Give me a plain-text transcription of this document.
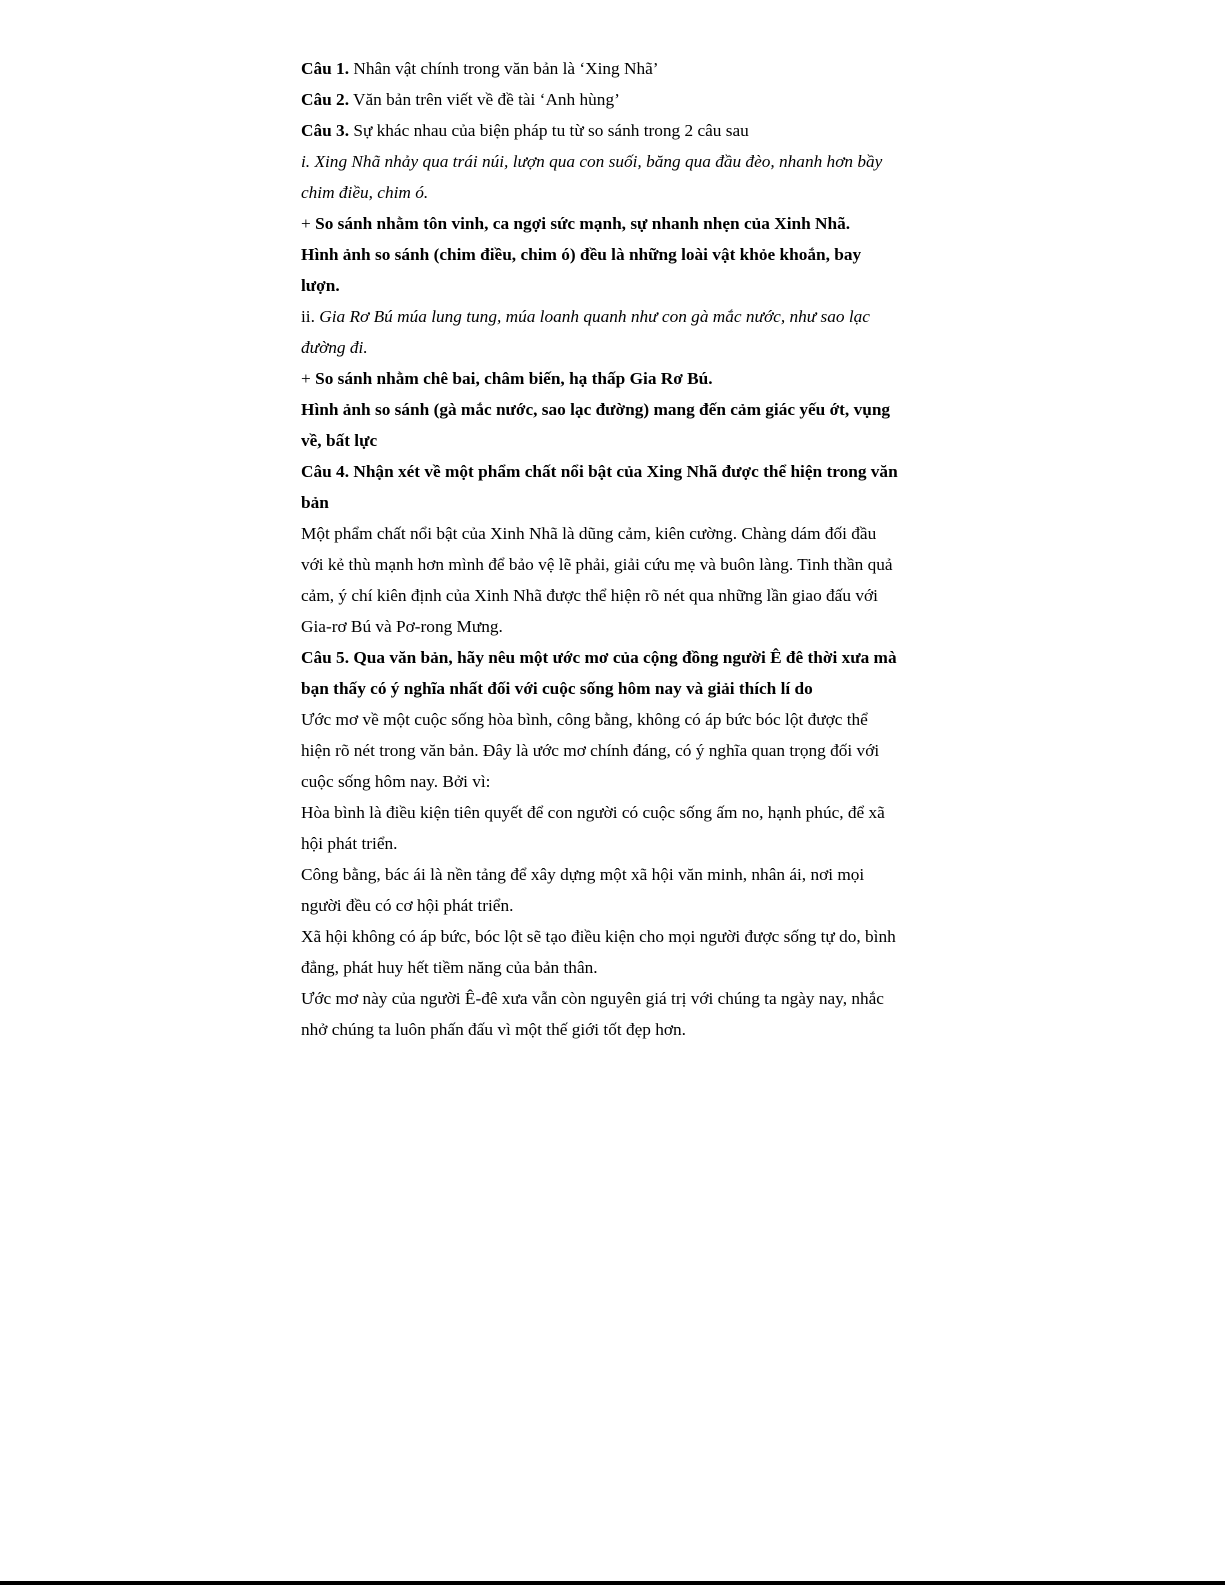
Câu 1. Nhân vật chính trong văn bản là ‘Xing Nhã’

Câu 2. Văn bản trên viết về đề tài ‘Anh hùng’

Câu 3. Sự khác nhau của biện pháp tu từ so sánh trong 2 câu sau

i. Xing Nhã nhảy qua trái núi, lượn qua con suối, băng qua đầu đèo, nhanh hơn bầy

chim điều, chim ó.

+ So sánh nhằm tôn vinh, ca ngợi sức mạnh, sự nhanh nhẹn của Xinh Nhã.

Hình ảnh so sánh (chim điều, chim ó) đều là những loài vật khỏe khoắn, bay

lượn.

ii. Gia Rơ Bú múa lung tung, múa loanh quanh như con gà mắc nước, như sao lạc

đường đi.

+ So sánh nhằm chê bai, châm biến, hạ thấp Gia Rơ Bú.

Hình ảnh so sánh (gà mắc nước, sao lạc đường) mang đến cảm giác yếu ớt, vụng

về, bất lực

Câu 4. Nhận xét về một phẩm chất nổi bật của Xing Nhã được thể hiện trong văn

bản

Một phẩm chất nổi bật của Xinh Nhã là dũng cảm, kiên cường. Chàng dám đối đầu

với kẻ thù mạnh hơn mình để bảo vệ lẽ phải, giải cứu mẹ và buôn làng. Tinh thần quả

cảm, ý chí kiên định của Xinh Nhã được thể hiện rõ nét qua những lần giao đấu với

Gia-rơ Bú và Pơ-rong Mưng.

Câu 5. Qua văn bản, hãy nêu một ước mơ của cộng đồng người Ê đê thời xưa mà

bạn thấy có ý nghĩa nhất đối với cuộc sống hôm nay và giải thích lí do

Ước mơ về một cuộc sống hòa bình, công bằng, không có áp bức bóc lột được thể

hiện rõ nét trong văn bản. Đây là ước mơ chính đáng, có ý nghĩa quan trọng đối với

cuộc sống hôm nay. Bởi vì:

Hòa bình là điều kiện tiên quyết để con người có cuộc sống ấm no, hạnh phúc, để xã

hội phát triển.

Công bằng, bác ái là nền tảng để xây dựng một xã hội văn minh, nhân ái, nơi mọi

người đều có cơ hội phát triển.

Xã hội không có áp bức, bóc lột sẽ tạo điều kiện cho mọi người được sống tự do, bình

đẳng, phát huy hết tiềm năng của bản thân.

Ước mơ này của người Ê-đê xưa vẫn còn nguyên giá trị với chúng ta ngày nay, nhắc

nhở chúng ta luôn phấn đấu vì một thế giới tốt đẹp hơn.
